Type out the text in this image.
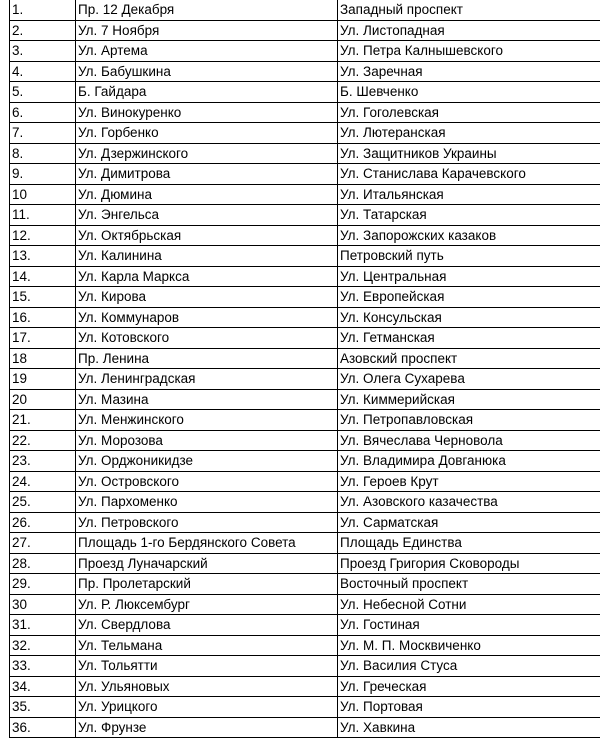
1.	Пр. 12 Декабря	Западный проспект
2.	Ул. 7 Ноября	Ул. Листопадная
3.	Ул. Артема	Ул. Петра Калнышевского
4.	Ул. Бабушкина	Ул. Заречная
5.	Б. Гайдара	Б. Шевченко
6.	Ул. Винокуренко	Ул. Гоголевская
7.	Ул. Горбенко	Ул. Лютеранская
8.	Ул. Дзержинского	Ул. Защитников Украины
9.	Ул. Димитрова	Ул. Станислава Карачевского
10	Ул. Дюмина	Ул. Итальянская
11.	Ул. Энгельса	Ул. Татарская
12.	Ул. Октябрьская	Ул. Запорожских казаков
13.	Ул. Калинина	Петровский путь
14.	Ул. Карла Маркса	Ул. Центральная
15.	Ул. Кирова	Ул. Европейская
16.	Ул. Коммунаров	Ул. Консульская
17.	Ул. Котовского	Ул. Гетманская
18	Пр. Ленина	Азовский проспект
19	Ул. Ленинградская	Ул. Олега Сухарева
20	Ул. Мазина	Ул. Киммерийская
21.	Ул. Менжинского	Ул. Петропавловская
22.	Ул. Морозова	Ул. Вячеслава Черновола
23.	Ул. Орджоникидзе	Ул. Владимира Довганюка
24.	Ул. Островского	Ул. Героев Крут
25.	Ул. Пархоменко	Ул. Азовского казачества
26.	Ул. Петровского	Ул. Сарматская
27.	Площадь 1-го Бердянского Совета	Площадь Единства
28.	Проезд Луначарский	Проезд Григория Сковороды
29.	Пр. Пролетарский	Восточный проспект
30	Ул. Р. Люксембург	Ул. Небесной Сотни
31.	Ул. Свердлова	Ул. Гостиная
32.	Ул. Тельмана	Ул. М. П. Москвиченко
33.	Ул. Тольятти	Ул. Василия Стуса
34.	Ул. Ульяновых	Ул. Греческая
35.	Ул. Урицкого	Ул. Портовая
36.	Ул. Фрунзе	Ул. Хавкина
